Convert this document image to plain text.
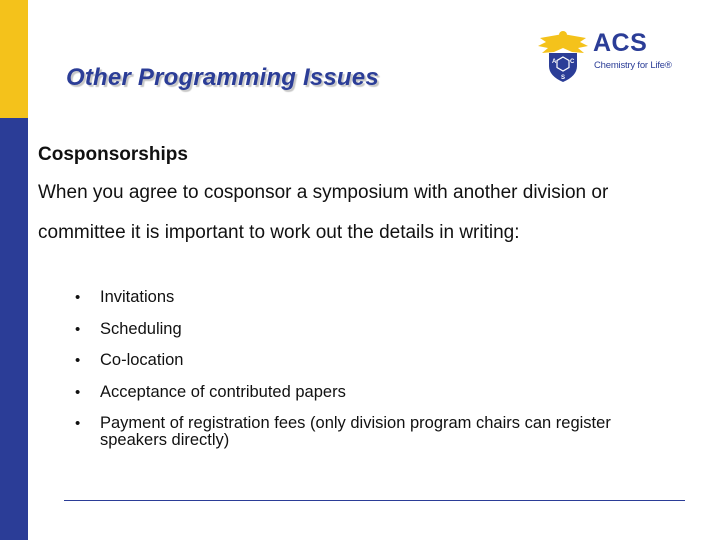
Other Programming Issues
A C
S
ACS
Chemistry for Life®

Cosponsorships

When you agree to cosponsor a symposium with another division or committee it is important to work out the details in writing:

• Invitations
• Scheduling
• Co-location
• Acceptance of contributed papers
• Payment of registration fees (only division program chairs can register speakers directly)
